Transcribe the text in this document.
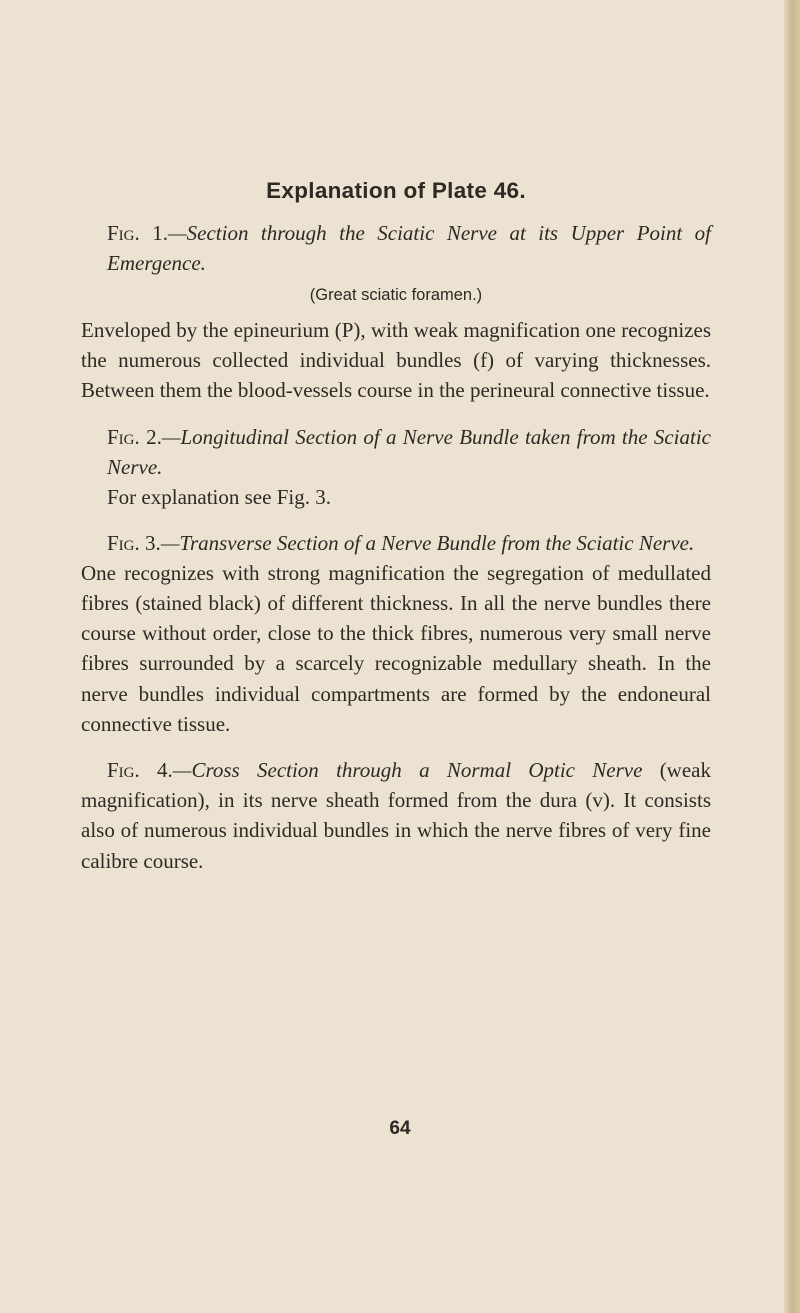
Explanation of Plate 46.

Fig. 1.—Section through the Sciatic Nerve at its Upper Point of Emergence.

(Great sciatic foramen.)

Enveloped by the epineurium (P), with weak magnification one recognizes the numerous collected individual bundles (f) of varying thicknesses. Between them the blood-vessels course in the perineural connective tissue.

Fig. 2.—Longitudinal Section of a Nerve Bundle taken from the Sciatic Nerve.

For explanation see Fig. 3.

Fig. 3.—Transverse Section of a Nerve Bundle from the Sciatic Nerve.

One recognizes with strong magnification the segregation of medullated fibres (stained black) of different thickness. In all the nerve bundles there course without order, close to the thick fibres, numerous very small nerve fibres surrounded by a scarcely recognizable medullary sheath. In the nerve bundles individual compartments are formed by the endoneural connective tissue.

Fig. 4.—Cross Section through a Normal Optic Nerve (weak magnification), in its nerve sheath formed from the dura (v). It consists also of numerous individual bundles in which the nerve fibres of very fine calibre course.

64
